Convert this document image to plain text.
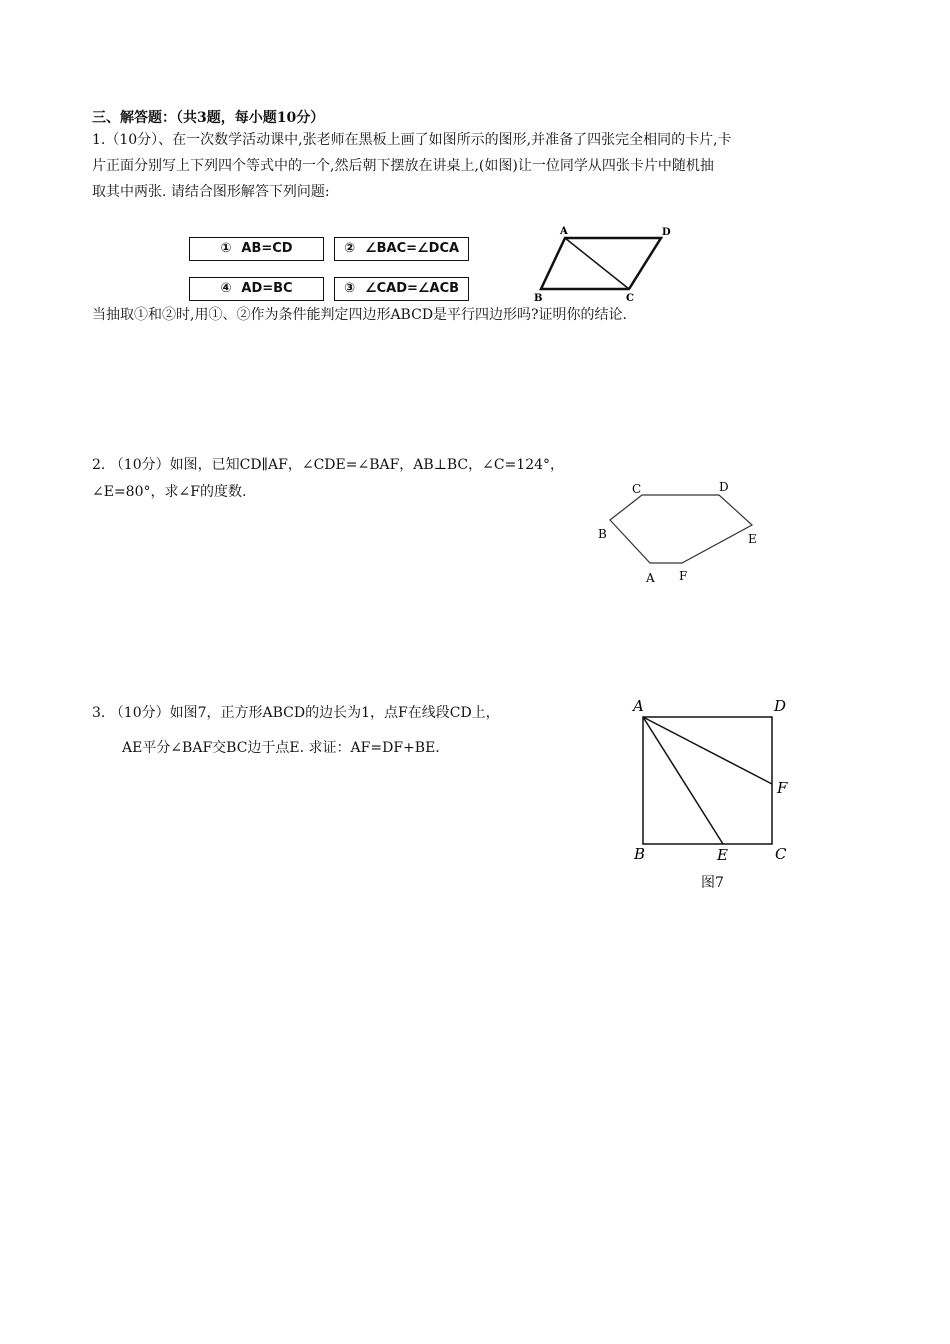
三、解答题：（共3题，每小题10分）
1.（10分）、在一次数学活动课中,张老师在黑板上画了如图所示的图形,并准备了四张完全相同的卡片,卡
片正面分别写上下列四个等式中的一个,然后朝下摆放在讲桌上,(如图)让一位同学从四张卡片中随机抽
取其中两张. 请结合图形解答下列问题:
① AB=CD	② ∠BAC=∠DCA
④ AD=BC	③ ∠CAD=∠ACB
A	D
B	C
当抽取①和②时,用①、②作为条件能判定四边形ABCD是平行四边形吗?证明你的结论.
2. （10分）如图，已知CD∥AF，∠CDE=∠BAF，AB⊥BC，∠C=124°，
∠E=80°，求∠F的度数.	C	D
B	E
A F
3. （10分）如图7，正方形ABCD的边长为1，点F在线段CD上，
AE平分∠BAF交BC边于点E. 求证：AF=DF+BE.
A	D
F
B	E	C
图7
